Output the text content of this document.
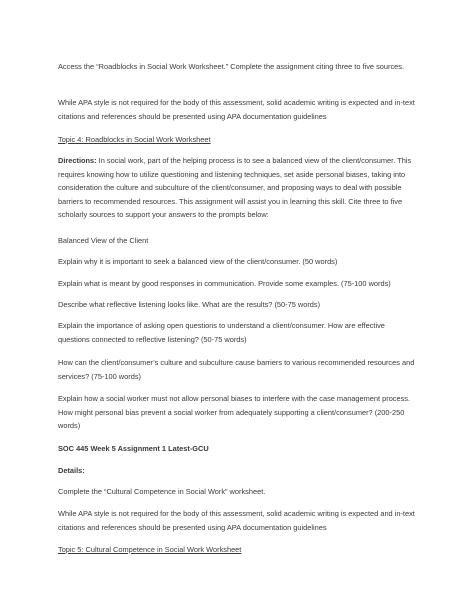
Access the “Roadblocks in Social Work Worksheet.” Complete the assignment citing three to five sources.

While APA style is not required for the body of this assessment, solid academic writing is expected and in-text citations and references should be presented using APA documentation guidelines

Topic 4: Roadblocks in Social Work Worksheet

Directions: In social work, part of the helping process is to see a balanced view of the client/consumer. This requires knowing how to utilize questioning and listening techniques, set aside personal biases, taking into consideration the culture and subculture of the client/consumer, and proposing ways to deal with possible barriers to recommended resources. This assignment will assist you in learning this skill. Cite three to five scholarly sources to support your answers to the prompts below:

Balanced View of the Client

Explain why it is important to seek a balanced view of the client/consumer. (50 words)

Explain what is meant by good responses in communication. Provide some examples. (75-100 words)

Describe what reflective listening looks like. What are the results? (50-75 words)

Explain the importance of asking open questions to understand a client/consumer. How are effective questions connected to reflective listening? (50-75 words)

How can the client/consumer’s culture and subculture cause barriers to various recommended resources and services? (75-100 words)

Explain how a social worker must not allow personal biases to interfere with the case management process. How might personal bias prevent a social worker from adequately supporting a client/consumer? (200-250 words)

SOC 445 Week 5 Assignment 1 Latest-GCU

Details:

Complete the “Cultural Competence in Social Work” worksheet.

While APA style is not required for the body of this assessment, solid academic writing is expected and in-text citations and references should be presented using APA documentation guidelines

Topic 5: Cultural Competence in Social Work Worksheet
